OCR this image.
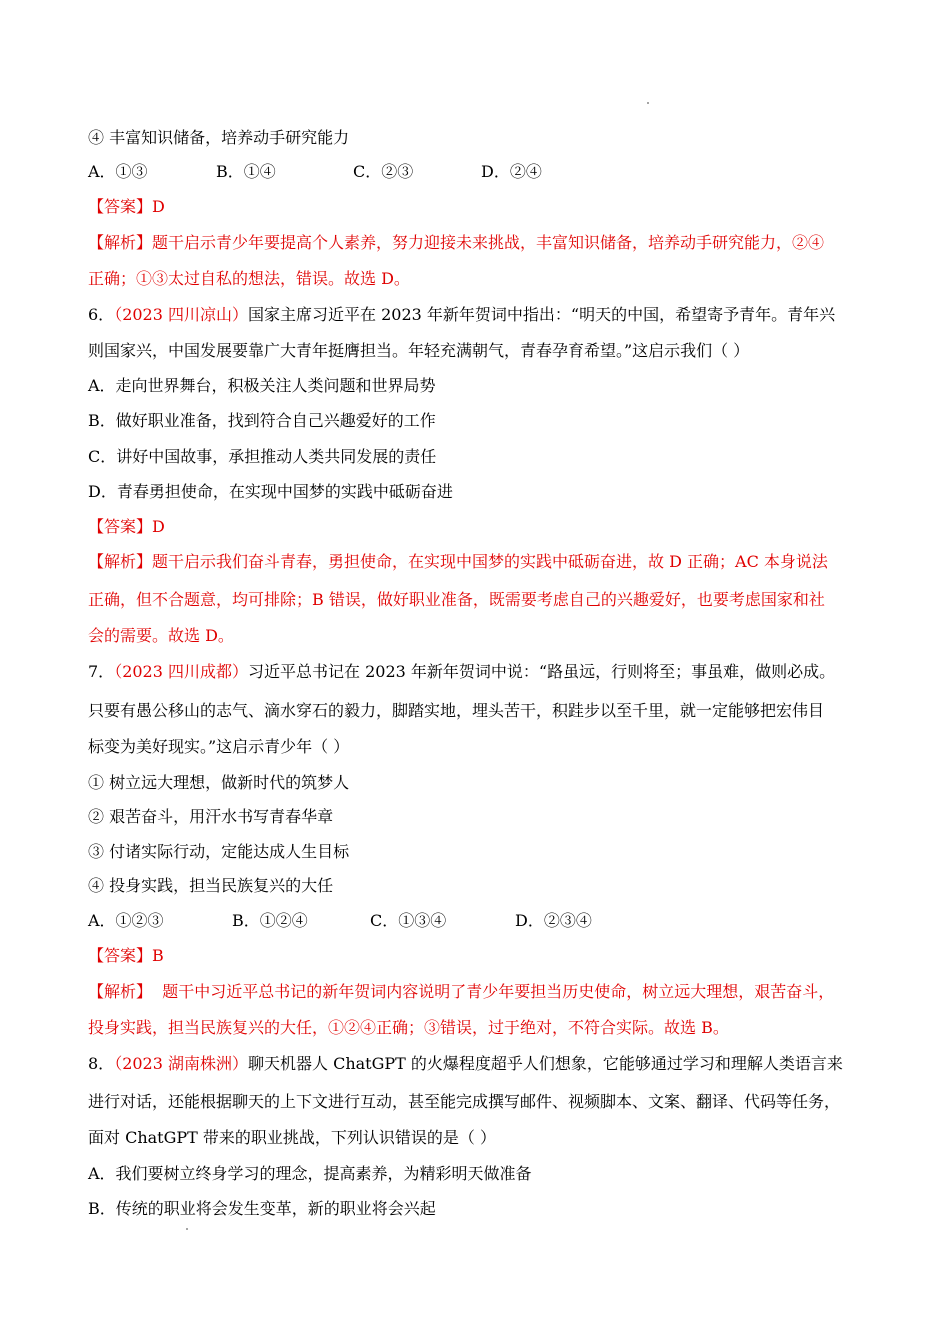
④ 丰富知识储备，培养动手研究能力
A．①③	B．①④	C．②③	D．②④
【答案】D
【解析】题干启示青少年要提高个人素养，努力迎接未来挑战，丰富知识储备，培养动手研究能力，②④
正确；①③太过自私的想法，错误。故选 D。
6．（2023 四川凉山）国家主席习近平在 2023 年新年贺词中指出：“明天的中国，希望寄予青年。青年兴
则国家兴，中国发展要靠广大青年挺膺担当。年轻充满朝气，青春孕育希望。”这启示我们（ ）
A．走向世界舞台，积极关注人类问题和世界局势
B．做好职业准备，找到符合自己兴趣爱好的工作
C．讲好中国故事，承担推动人类共同发展的责任
D．青春勇担使命，在实现中国梦的实践中砥砺奋进
【答案】D
【解析】题干启示我们奋斗青春，勇担使命，在实现中国梦的实践中砥砺奋进，故 D 正确；AC 本身说法
正确，但不合题意，均可排除；B 错误，做好职业准备，既需要考虑自己的兴趣爱好，也要考虑国家和社
会的需要。故选 D。
7．（2023 四川成都）习近平总书记在 2023 年新年贺词中说：“路虽远，行则将至；事虽难，做则必成。
只要有愚公移山的志气、滴水穿石的毅力，脚踏实地，埋头苦干，积跬步以至千里，就一定能够把宏伟目
标变为美好现实。”这启示青少年（ ）
① 树立远大理想，做新时代的筑梦人
② 艰苦奋斗，用汗水书写青春华章
③ 付诸实际行动，定能达成人生目标
④ 投身实践，担当民族复兴的大任
A．①②③	B．①②④	C．①③④	D．②③④
【答案】B
【解析】  题干中习近平总书记的新年贺词内容说明了青少年要担当历史使命，树立远大理想，艰苦奋斗，
投身实践，担当民族复兴的大任，①②④正确；③错误，过于绝对，不符合实际。故选 B。
8．（2023 湖南株洲）聊天机器人 ChatGPT 的火爆程度超乎人们想象，它能够通过学习和理解人类语言来
进行对话，还能根据聊天的上下文进行互动，甚至能完成撰写邮件、视频脚本、文案、翻译、代码等任务，
面对 ChatGPT 带来的职业挑战，下列认识错误的是（ ）
A．我们要树立终身学习的理念，提高素养，为精彩明天做准备
B．传统的职业将会发生变革，新的职业将会兴起
